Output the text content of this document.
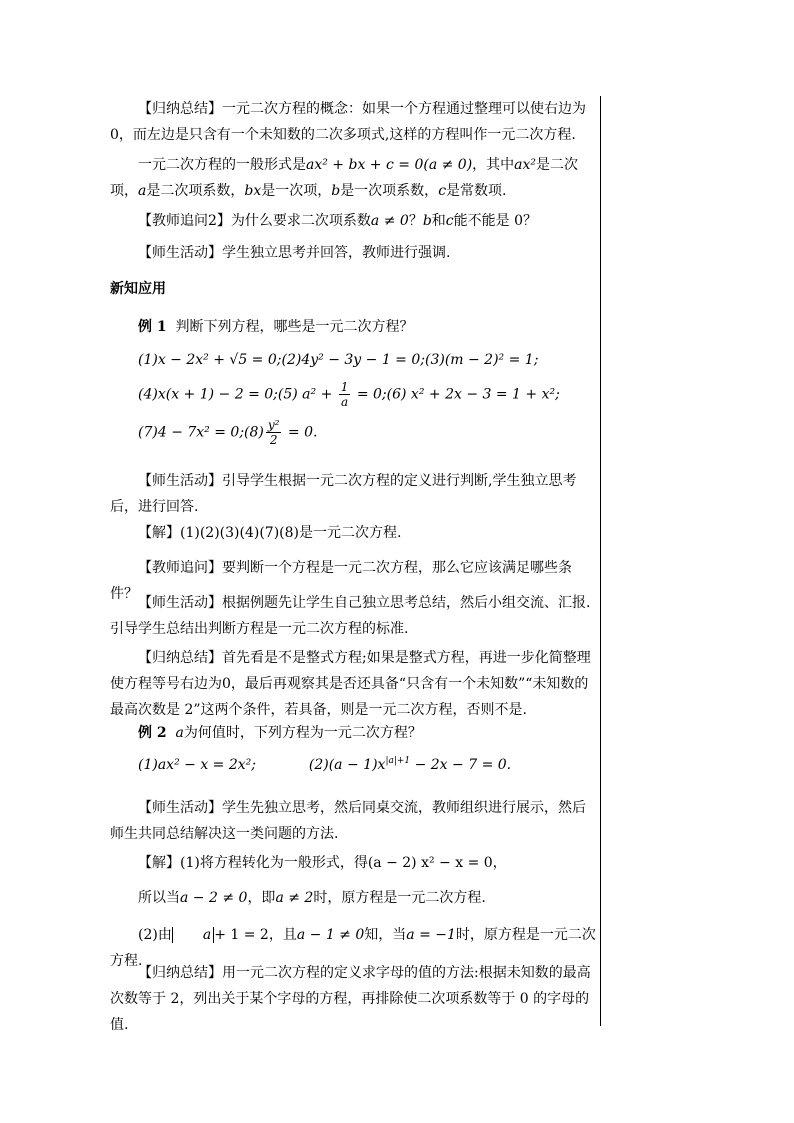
【归纳总结】一元二次方程的概念：如果一个方程通过整理可以使右边为0，而左边是只含有一个未知数的二次多项式,这样的方程叫作一元二次方程.
一元二次方程的一般形式是ax² + bx + c = 0(a ≠ 0)，其中ax²是二次项，a是二次项系数，bx是一次项，b是一次项系数，c是常数项.
【教师追问2】为什么要求二次项系数a ≠ 0？b和c能不能是 0？
【师生活动】学生独立思考并回答，教师进行强调.
新知应用
例 1 判断下列方程，哪些是一元二次方程？
(1)x − 2x² + √5 = 0;(2)4y² − 3y − 1 = 0;(3)(m − 2)² = 1;
(4)x(x + 1) − 2 = 0;(5) $a^2 + \frac{1}{a}$ = 0;(6) x² + 2x − 3 = 1 + x²;
(7)4 − 7x² = 0;(8) $\frac{\text{y²}}{2} = 0$.
【师生活动】引导学生根据一元二次方程的定义进行判断,学生独立思考后，进行回答.
【解】(1)(2)(3)(4)(7)(8)是一元二次方程.
【教师追问】要判断一个方程是一元二次方程，那么它应该满足哪些条件？
【师生活动】根据例题先让学生自己独立思考总结，然后小组交流、汇报.引导学生总结出判断方程是一元二次方程的标准.
【归纳总结】首先看是不是整式方程;如果是整式方程，再进一步化简整理使方程等号右边为0，最后再观察其是否还具备“只含有一个未知数”“未知数的最高次数是 2”这两个条件，若具备，则是一元二次方程，否则不是.
例 2 a为何值时，下列方程为一元二次方程？
(1)ax² − x = 2x²;	$(2)(a - 1)x^{|a|+1} - 2x - 7 = 0$.
【师生活动】学生先独立思考，然后同桌交流，教师组织进行展示，然后师生共同总结解决这一类问题的方法.
【解】(1)将方程转化为一般形式，得(a − 2) x² − x = 0，
所以当a − 2 ≠ 0，即a ≠ 2时，原方程是一元二次方程.
(2)由 a + 1 = 2，且a − 1 ≠ 0知，当a = −1时，原方程是一元二次方程.
【归纳总结】用一元二次方程的定义求字母的值的方法:根据未知数的最高次数等于 2，列出关于某个字母的方程，再排除使二次项系数等于 0 的字母的值.
